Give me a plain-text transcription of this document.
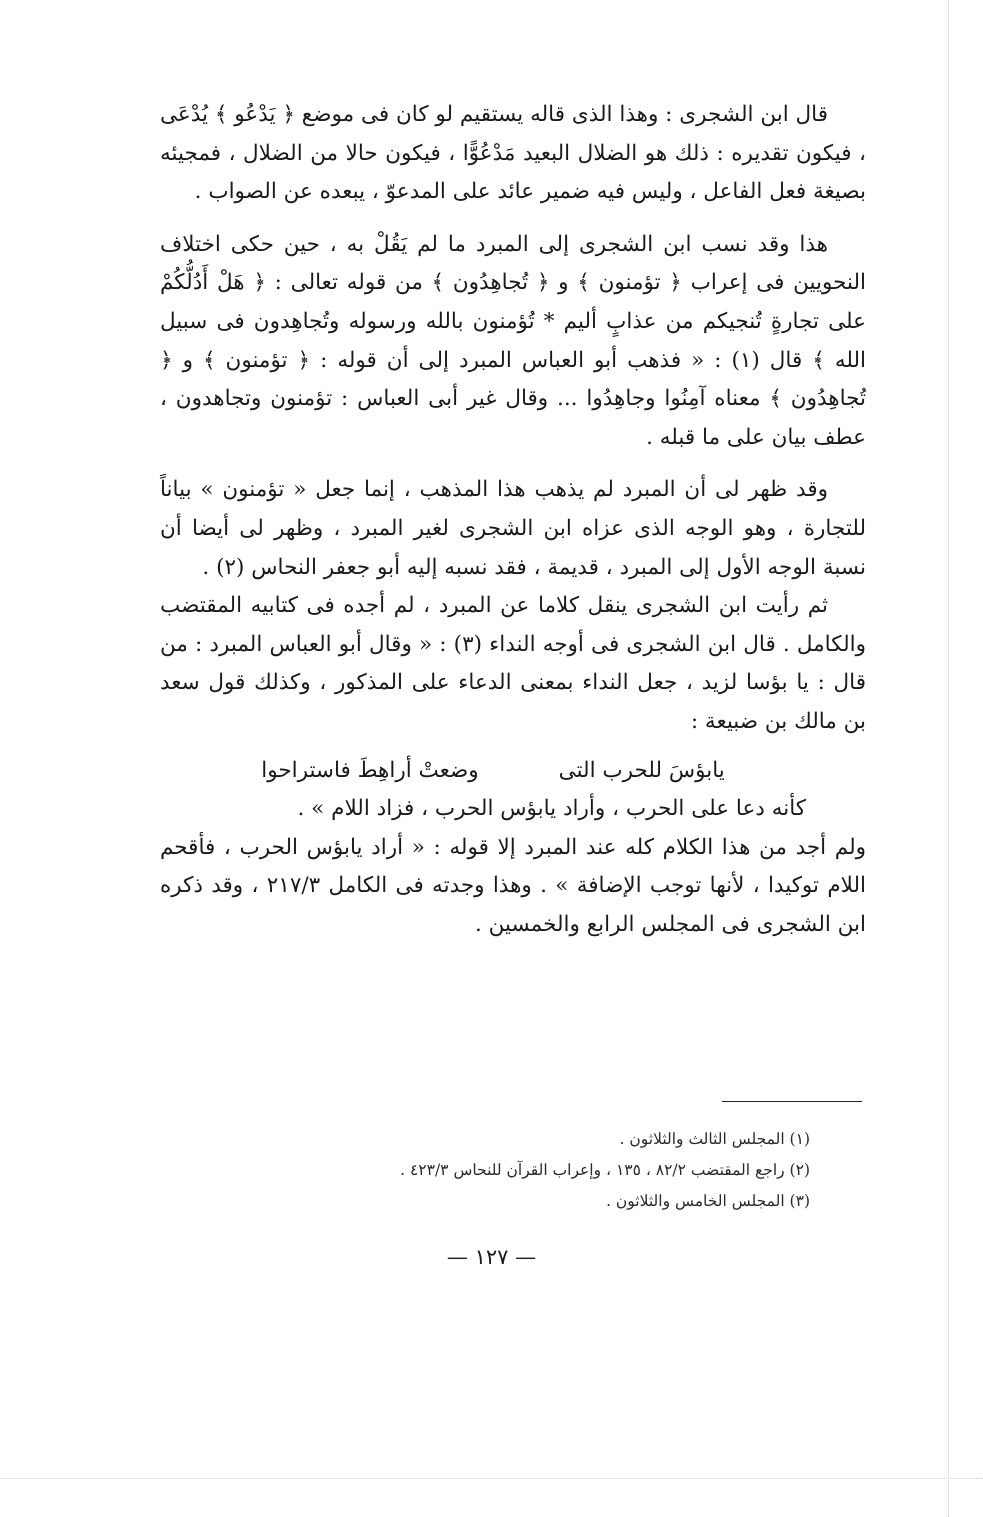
قال ابن الشجرى : وهذا الذى قاله يستقيم لو كان فى موضع ﴿ يَدْعُو ﴾ يُدْعَى ، فيكون تقديره : ذلك هو الضلال البعيد مَدْعُوًّا ، فيكون حالا من الضلال ، فمجيئه بصيغة فعل الفاعل ، وليس فيه ضمير عائد على المدعوّ ، يبعده عن الصواب .

هذا وقد نسب ابن الشجرى إلى المبرد ما لم يَقُلْ به ، حين حكى اختلاف النحويين فى إعراب ﴿ تؤمنون ﴾ و ﴿ تُجاهِدُون ﴾ من قوله تعالى : ﴿ هَلْ أَدُلُّكُمْ على تجارةٍ تُنجيكم من عذابٍ أليم * تُؤمنون بالله ورسوله وتُجاهِدون فى سبيل الله ﴾ قال (١) : « فذهب أبو العباس المبرد إلى أن قوله : ﴿ تؤمنون ﴾ و ﴿ تُجاهِدُون ﴾ معناه آمِنُوا وجاهِدُوا ... وقال غير أبى العباس : تؤمنون وتجاهدون ، عطف بيان على ما قبله .

وقد ظهر لى أن المبرد لم يذهب هذا المذهب ، إنما جعل « تؤمنون » بياناً للتجارة ، وهو الوجه الذى عزاه ابن الشجرى لغير المبرد ، وظهر لى أيضا أن نسبة الوجه الأول إلى المبرد ، قديمة ، فقد نسبه إليه أبو جعفر النحاس (٢) .

ثم رأيت ابن الشجرى ينقل كلاما عن المبرد ، لم أجده فى كتابيه المقتضب والكامل . قال ابن الشجرى فى أوجه النداء (٣) : « وقال أبو العباس المبرد : من قال : يا بؤسا لزيد ، جعل النداء بمعنى الدعاء على المذكور ، وكذلك قول سعد بن مالك بن ضبيعة :

يابؤسَ للحرب التى
وضعتْ أراهِطَ فاستراحوا

كأنه دعا على الحرب ، وأراد يابؤس الحرب ، فزاد اللام » .

ولم أجد من هذا الكلام كله عند المبرد إلا قوله : « أراد يابؤس الحرب ، فأقحم اللام توكيدا ، لأنها توجب الإضافة » . وهذا وجدته فى الكامل ٢١٧/٣ ، وقد ذكره ابن الشجرى فى المجلس الرابع والخمسين .

(١) المجلس الثالث والثلاثون .
(٢) راجع المقتضب ٨٢/٢ ، ١٣٥ ، وإعراب القرآن للنحاس ٤٢٣/٣ .
(٣) المجلس الخامس والثلاثون .
— ١٢٧ —
